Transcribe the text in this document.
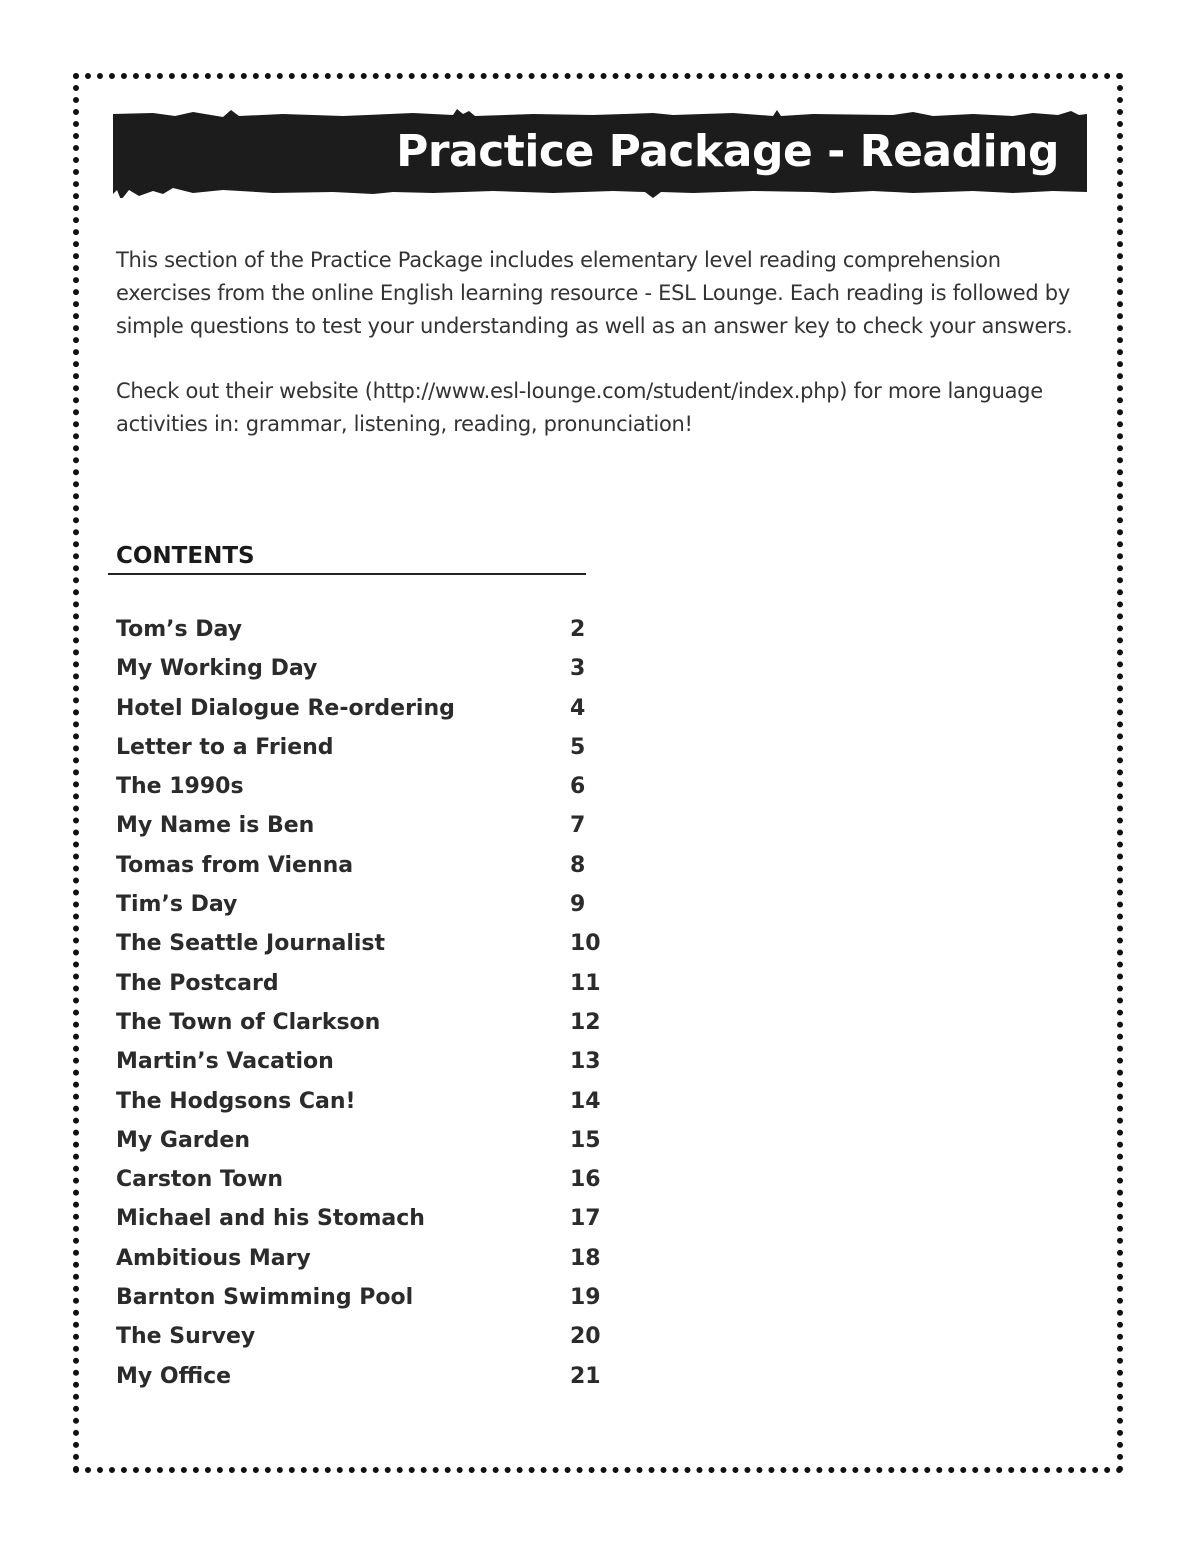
Practice Package - Reading

This section of the Practice Package includes elementary level reading comprehension exercises from the online English learning resource - ESL Lounge. Each reading is followed by simple questions to test your understanding as well as an answer key to check your answers.

Check out their website (http://www.esl-lounge.com/student/index.php) for more language activities in: grammar, listening, reading, pronunciation!

CONTENTS
Tom’s Day	2
My Working Day	3
Hotel Dialogue Re-ordering	4
Letter to a Friend	5
The 1990s	6
My Name is Ben	7
Tomas from Vienna	8
Tim’s Day	9
The Seattle Journalist	10
The Postcard	11
The Town of Clarkson	12
Martin’s Vacation	13
The Hodgsons Can!	14
My Garden	15
Carston Town	16
Michael and his Stomach	17
Ambitious Mary	18
Barnton Swimming Pool	19
The Survey	20
My Office	21
